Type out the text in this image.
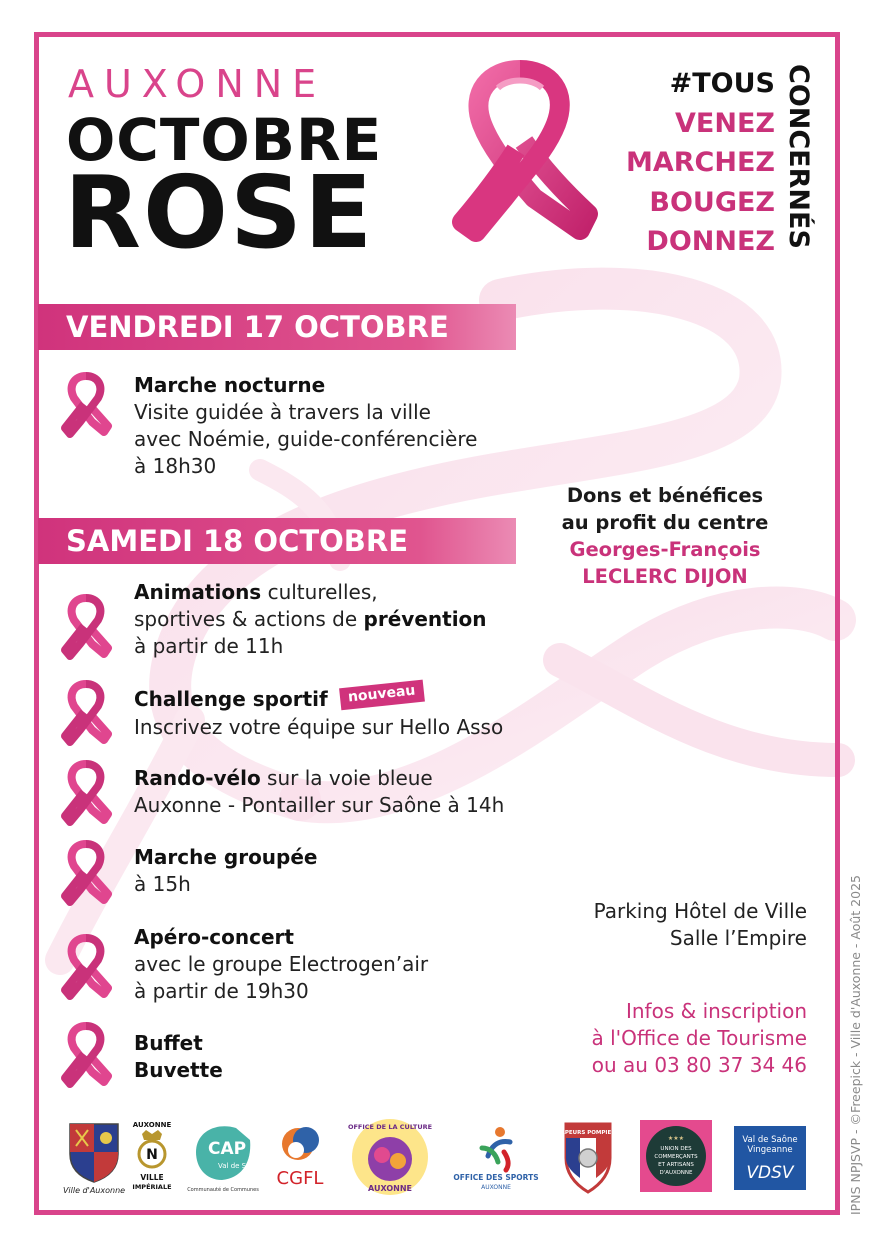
AUXONNE
OCTOBRE
ROSE
#TOUS
VENEZ
MARCHEZ
BOUGEZ
DONNEZ CONCERNÉS
VENDREDI 17 OCTOBRE
Marche nocturne
Visite guidée à travers la ville
avec Noémie, guide-conférencière
à 18h30
SAMEDI 18 OCTOBRE
Animations culturelles,
sportives & actions de prévention
à partir de 11h
Challenge sportif nouveau
Inscrivez votre équipe sur Hello Asso
Rando-vélo sur la voie bleue
Auxonne - Pontailler sur Saône à 14h
Marche groupée
à 15h
Apéro-concert
avec le groupe Electrogen’air
à partir de 19h30
Buffet
Buvette
Dons et bénéfices
au profit du centre
Georges-François
LECLERC DIJON
Parking Hôtel de Ville
Salle l’Empire
Infos & inscription
à l'Office de Tourisme
ou au 03 80 37 34 46	IPNS NPJSVP - ©Freepick - Ville d'Auxonne - Août 2025
Ville d'Auxonne
AUXONNE
N
VILLE
IMPÉRIALE
CAP
Val de Saône
Communauté de Communes
CGFL
OFFICE DE LA CULTURE
AUXONNE
OFFICE DES SPORTS
AUXONNE
SAPEURS POMPIERS
★★★
UNION DES
COMMERÇANTS
ET ARTISANS
D'AUXONNE
Val de Saône
Vingeanne
VDSV
